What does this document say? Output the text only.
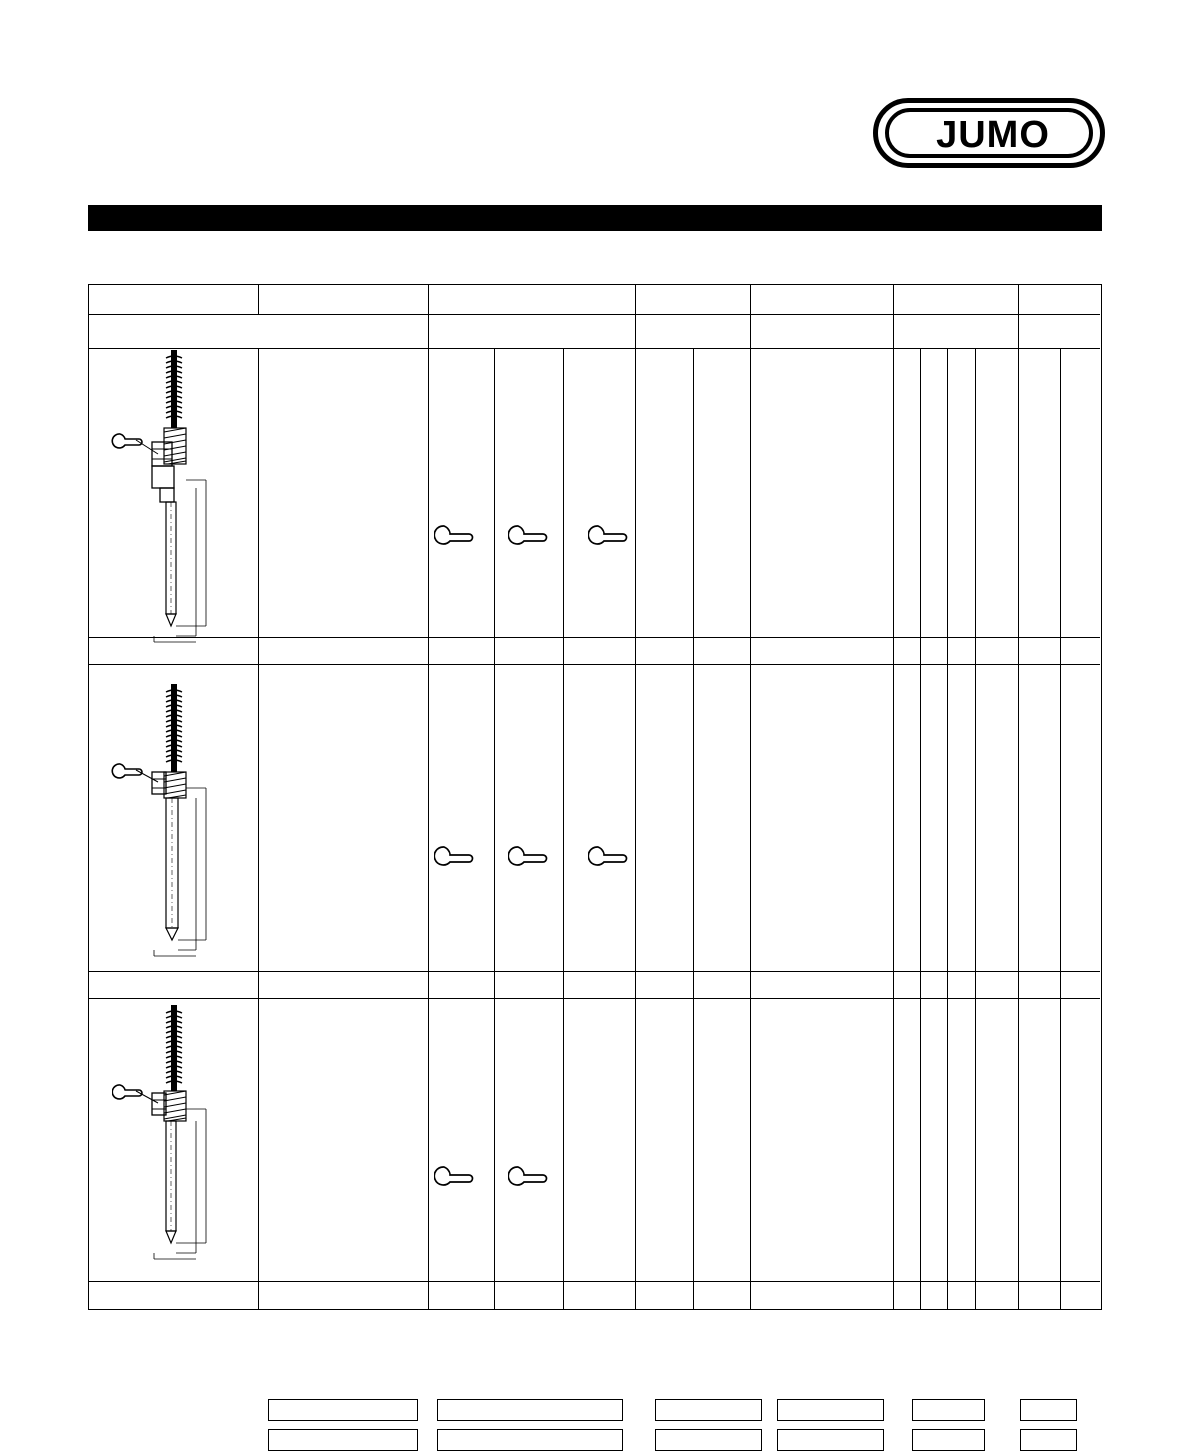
JUMO
